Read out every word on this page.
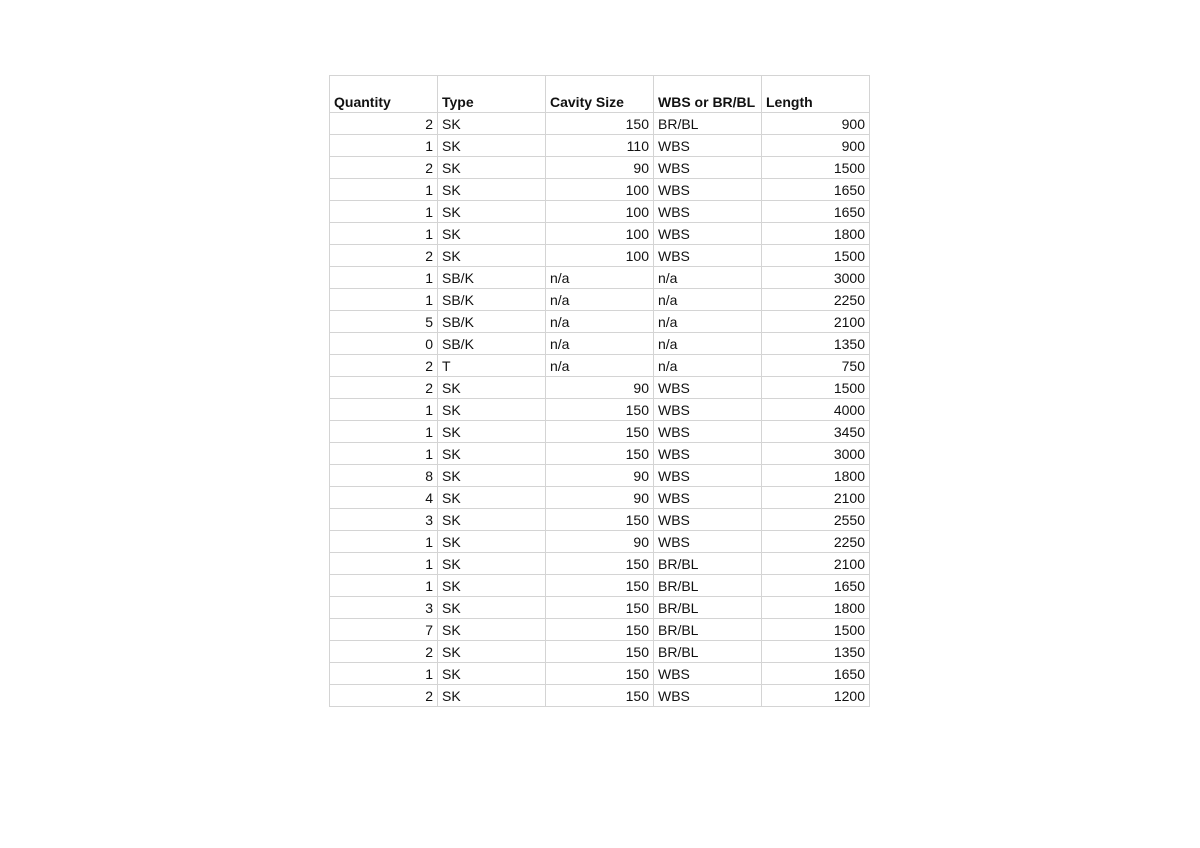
Quantity	Type	Cavity Size	WBS or BR/BL	Length
2	SK	150	BR/BL	900
1	SK	110	WBS	900
2	SK	90	WBS	1500
1	SK	100	WBS	1650
1	SK	100	WBS	1650
1	SK	100	WBS	1800
2	SK	100	WBS	1500
1	SB/K	n/a	n/a	3000
1	SB/K	n/a	n/a	2250
5	SB/K	n/a	n/a	2100
0	SB/K	n/a	n/a	1350
2	T	n/a	n/a	750
2	SK	90	WBS	1500
1	SK	150	WBS	4000
1	SK	150	WBS	3450
1	SK	150	WBS	3000
8	SK	90	WBS	1800
4	SK	90	WBS	2100
3	SK	150	WBS	2550
1	SK	90	WBS	2250
1	SK	150	BR/BL	2100
1	SK	150	BR/BL	1650
3	SK	150	BR/BL	1800
7	SK	150	BR/BL	1500
2	SK	150	BR/BL	1350
1	SK	150	WBS	1650
2	SK	150	WBS	1200
